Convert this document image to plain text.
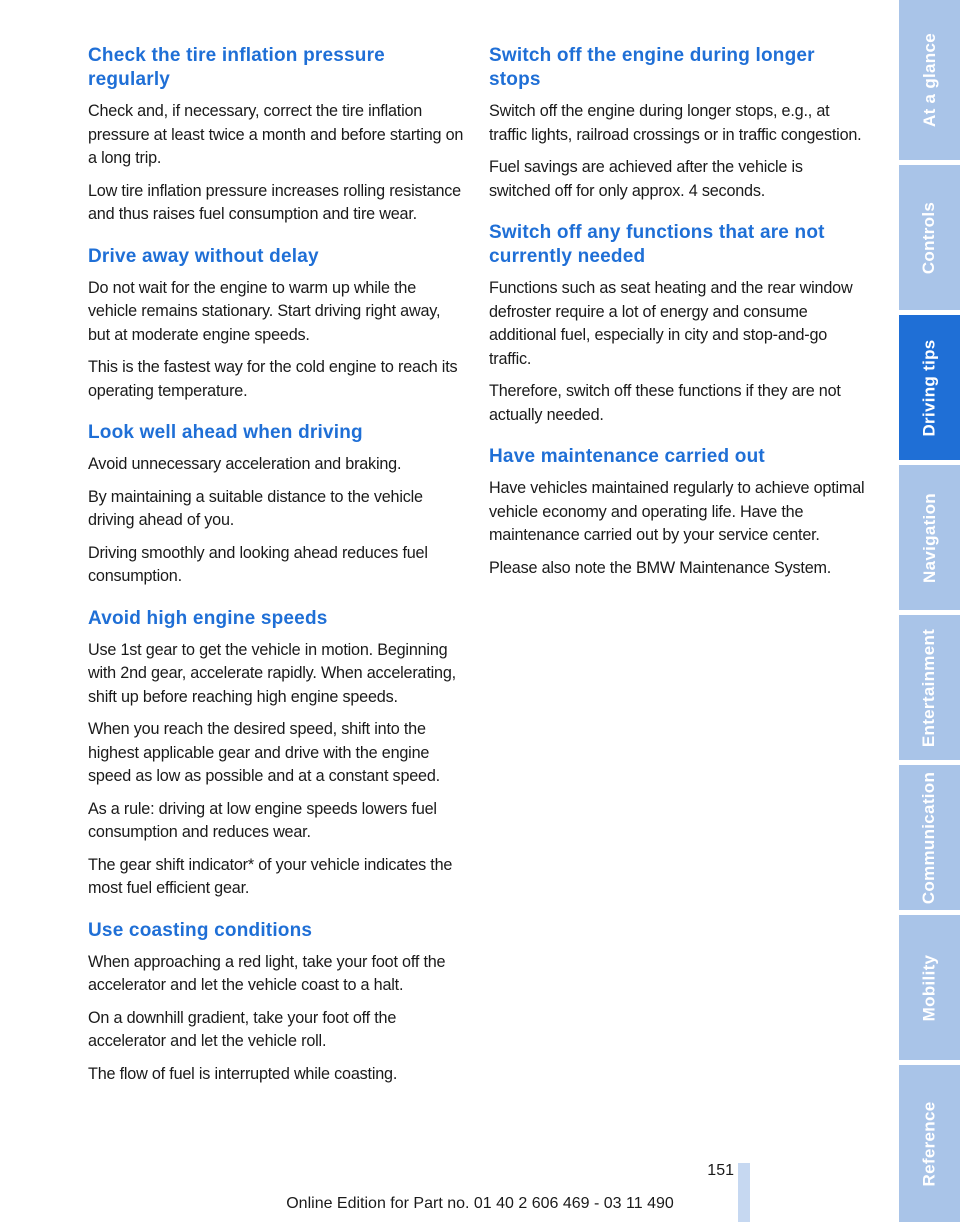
Check the tire inflation pressure regularly

Check and, if necessary, correct the tire inflation pressure at least twice a month and before starting on a long trip.

Low tire inflation pressure increases rolling resistance and thus raises fuel consumption and tire wear.

Drive away without delay

Do not wait for the engine to warm up while the vehicle remains stationary. Start driving right away, but at moderate engine speeds.

This is the fastest way for the cold engine to reach its operating temperature.

Look well ahead when driving

Avoid unnecessary acceleration and braking.

By maintaining a suitable distance to the vehicle driving ahead of you.

Driving smoothly and looking ahead reduces fuel consumption.

Avoid high engine speeds

Use 1st gear to get the vehicle in motion. Beginning with 2nd gear, accelerate rapidly. When accelerating, shift up before reaching high engine speeds.

When you reach the desired speed, shift into the highest applicable gear and drive with the engine speed as low as possible and at a constant speed.

As a rule: driving at low engine speeds lowers fuel consumption and reduces wear.

The gear shift indicator* of your vehicle indicates the most fuel efficient gear.

Use coasting conditions

When approaching a red light, take your foot off the accelerator and let the vehicle coast to a halt.

On a downhill gradient, take your foot off the accelerator and let the vehicle roll.

The flow of fuel is interrupted while coasting.

Switch off the engine during longer stops

Switch off the engine during longer stops, e.g., at traffic lights, railroad crossings or in traffic congestion.

Fuel savings are achieved after the vehicle is switched off for only approx. 4 seconds.

Switch off any functions that are not currently needed

Functions such as seat heating and the rear window defroster require a lot of energy and consume additional fuel, especially in city and stop-and-go traffic.

Therefore, switch off these functions if they are not actually needed.

Have maintenance carried out

Have vehicles maintained regularly to achieve optimal vehicle economy and operating life. Have the maintenance carried out by your service center.

Please also note the BMW Maintenance System.

At a glance
Controls
Driving tips
Navigation
Entertainment
Communication
Mobility
Reference
151
Online Edition for Part no. 01 40 2 606 469 - 03 11 490
